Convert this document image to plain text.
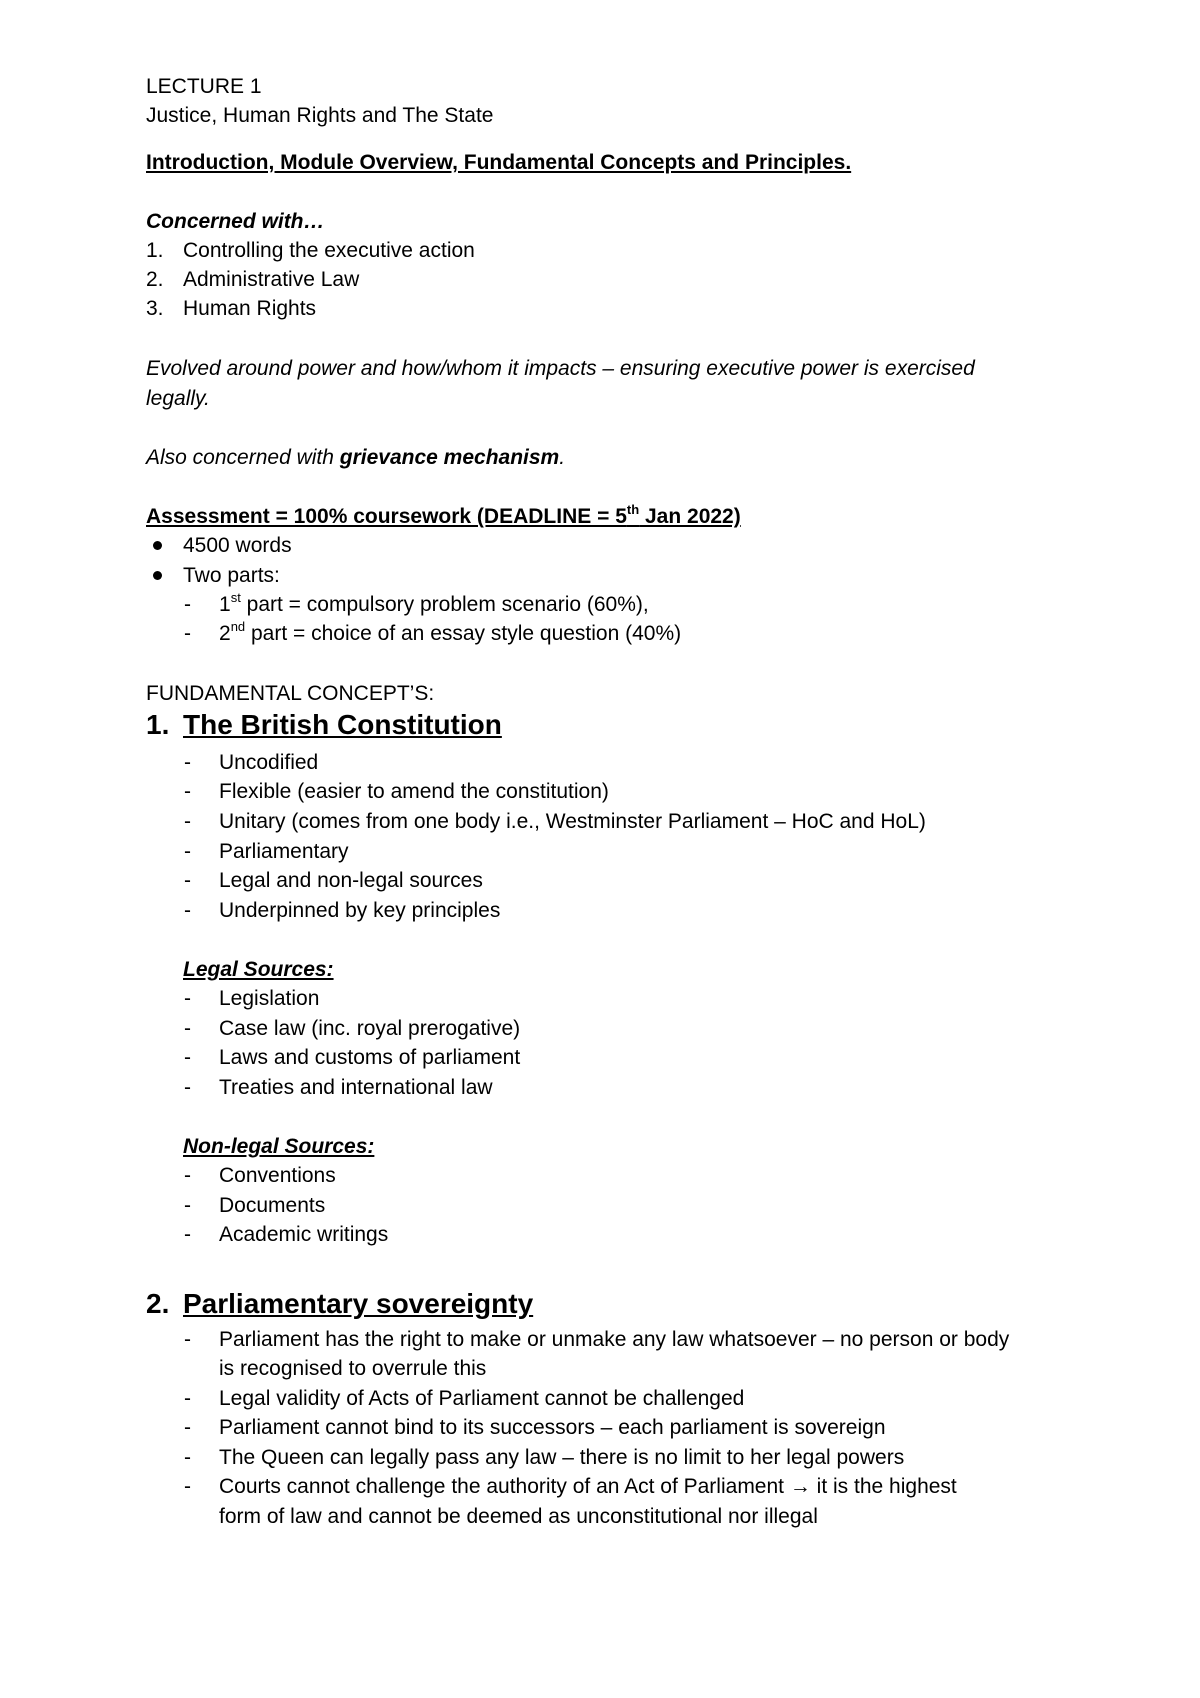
LECTURE 1
Justice, Human Rights and The State
Introduction, Module Overview, Fundamental Concepts and Principles.
Concerned with…
1. Controlling the executive action
2. Administrative Law
3. Human Rights
Evolved around power and how/whom it impacts – ensuring executive power is exercised
legally.
Also concerned with grievance mechanism.
Assessment = 100% coursework (DEADLINE = 5th Jan 2022)
4500 words
Two parts:
- 1st part = compulsory problem scenario (60%),
- 2nd part = choice of an essay style question (40%)
FUNDAMENTAL CONCEPT’S:
1. The British Constitution
- Uncodified
- Flexible (easier to amend the constitution)
- Unitary (comes from one body i.e., Westminster Parliament – HoC and HoL)
- Parliamentary
- Legal and non-legal sources
- Underpinned by key principles
Legal Sources:
- Legislation
- Case law (inc. royal prerogative)
- Laws and customs of parliament
- Treaties and international law
Non-legal Sources:
- Conventions
- Documents
- Academic writings
2. Parliamentary sovereignty
- Parliament has the right to make or unmake any law whatsoever – no person or body
is recognised to overrule this
- Legal validity of Acts of Parliament cannot be challenged
- Parliament cannot bind to its successors – each parliament is sovereign
- The Queen can legally pass any law – there is no limit to her legal powers
- Courts cannot challenge the authority of an Act of Parliament → it is the highest
form of law and cannot be deemed as unconstitutional nor illegal
